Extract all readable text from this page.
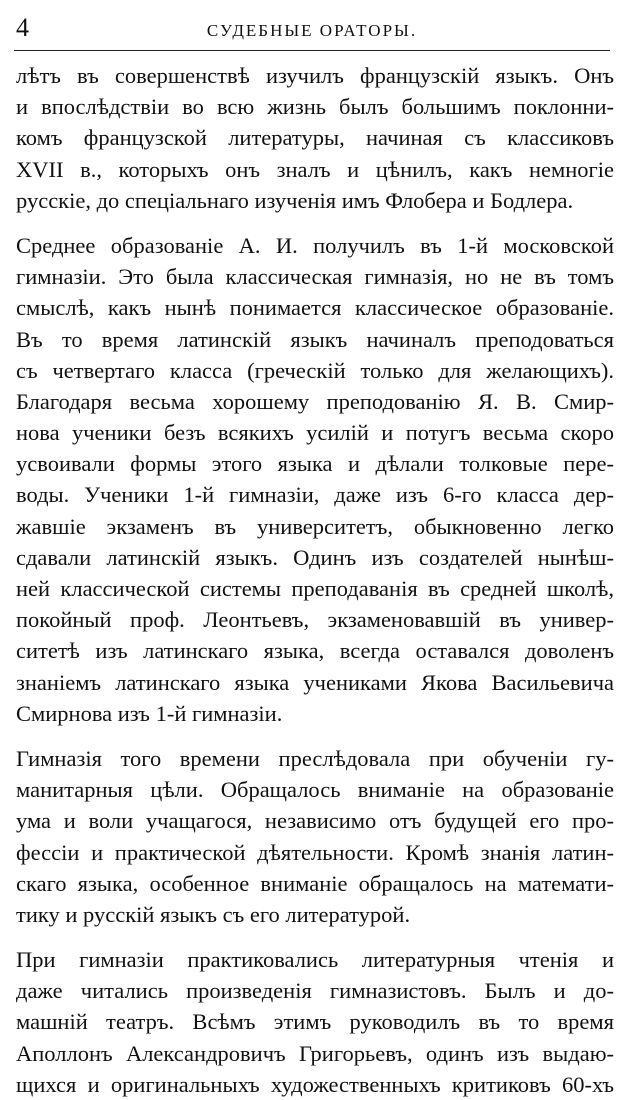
4	СУДЕБНЫЕ ОРАТОРЫ.
лѣтъ въ совершенствѣ изучилъ французскій языкъ. Онъ
и впослѣдствіи во всю жизнь былъ большимъ поклонни-
комъ французской литературы, начиная съ классиковъ
XVII в., которыхъ онъ зналъ и цѣнилъ, какъ немногіе
русскіе, до спеціальнаго изученія имъ Флобера и Бодлера.
Среднее образованіе А. И. получилъ въ 1-й московской
гимназіи. Это была классическая гимназія, но не въ томъ
смыслѣ, какъ нынѣ понимается классическое образованіе.
Въ то время латинскій языкъ начиналъ преподоваться
съ четвертаго класса (греческій только для желающихъ).
Благодаря весьма хорошему преподованію Я. В. Смир-
нова ученики безъ всякихъ усилій и потугъ весьма скоро
усвоивали формы этого языка и дѣлали толковые пере-
воды. Ученики 1-й гимназіи, даже изъ 6-го класса дер-
жавшіе экзаменъ въ университетъ, обыкновенно легко
сдавали латинскій языкъ. Одинъ изъ создателей нынѣш-
ней классической системы преподаванія въ средней школѣ,
покойный проф. Леонтьевъ, экзаменовавшій въ универ-
ситетѣ изъ латинскаго языка, всегда оставался доволенъ
знаніемъ латинскаго языка учениками Якова Васильевича
Смирнова изъ 1-й гимназіи.
Гимназія того времени преслѣдовала при обученіи гу-
манитарныя цѣли. Обращалось вниманіе на образованіе
ума и воли учащагося, независимо отъ будущей его про-
фессіи и практической дѣятельности. Кромѣ знанія латин-
скаго языка, особенное вниманіе обращалось на математи-
тику и русскій языкъ съ его литературой.
При гимназіи практиковались литературныя чтенія и
даже читались произведенія гимназистовъ. Былъ и до-
машній театръ. Всѣмъ этимъ руководилъ въ то время
Аполлонъ Александровичъ Григорьевъ, одинъ изъ выдаю-
щихся и оригинальныхъ художественныхъ критиковъ 60-хъ
